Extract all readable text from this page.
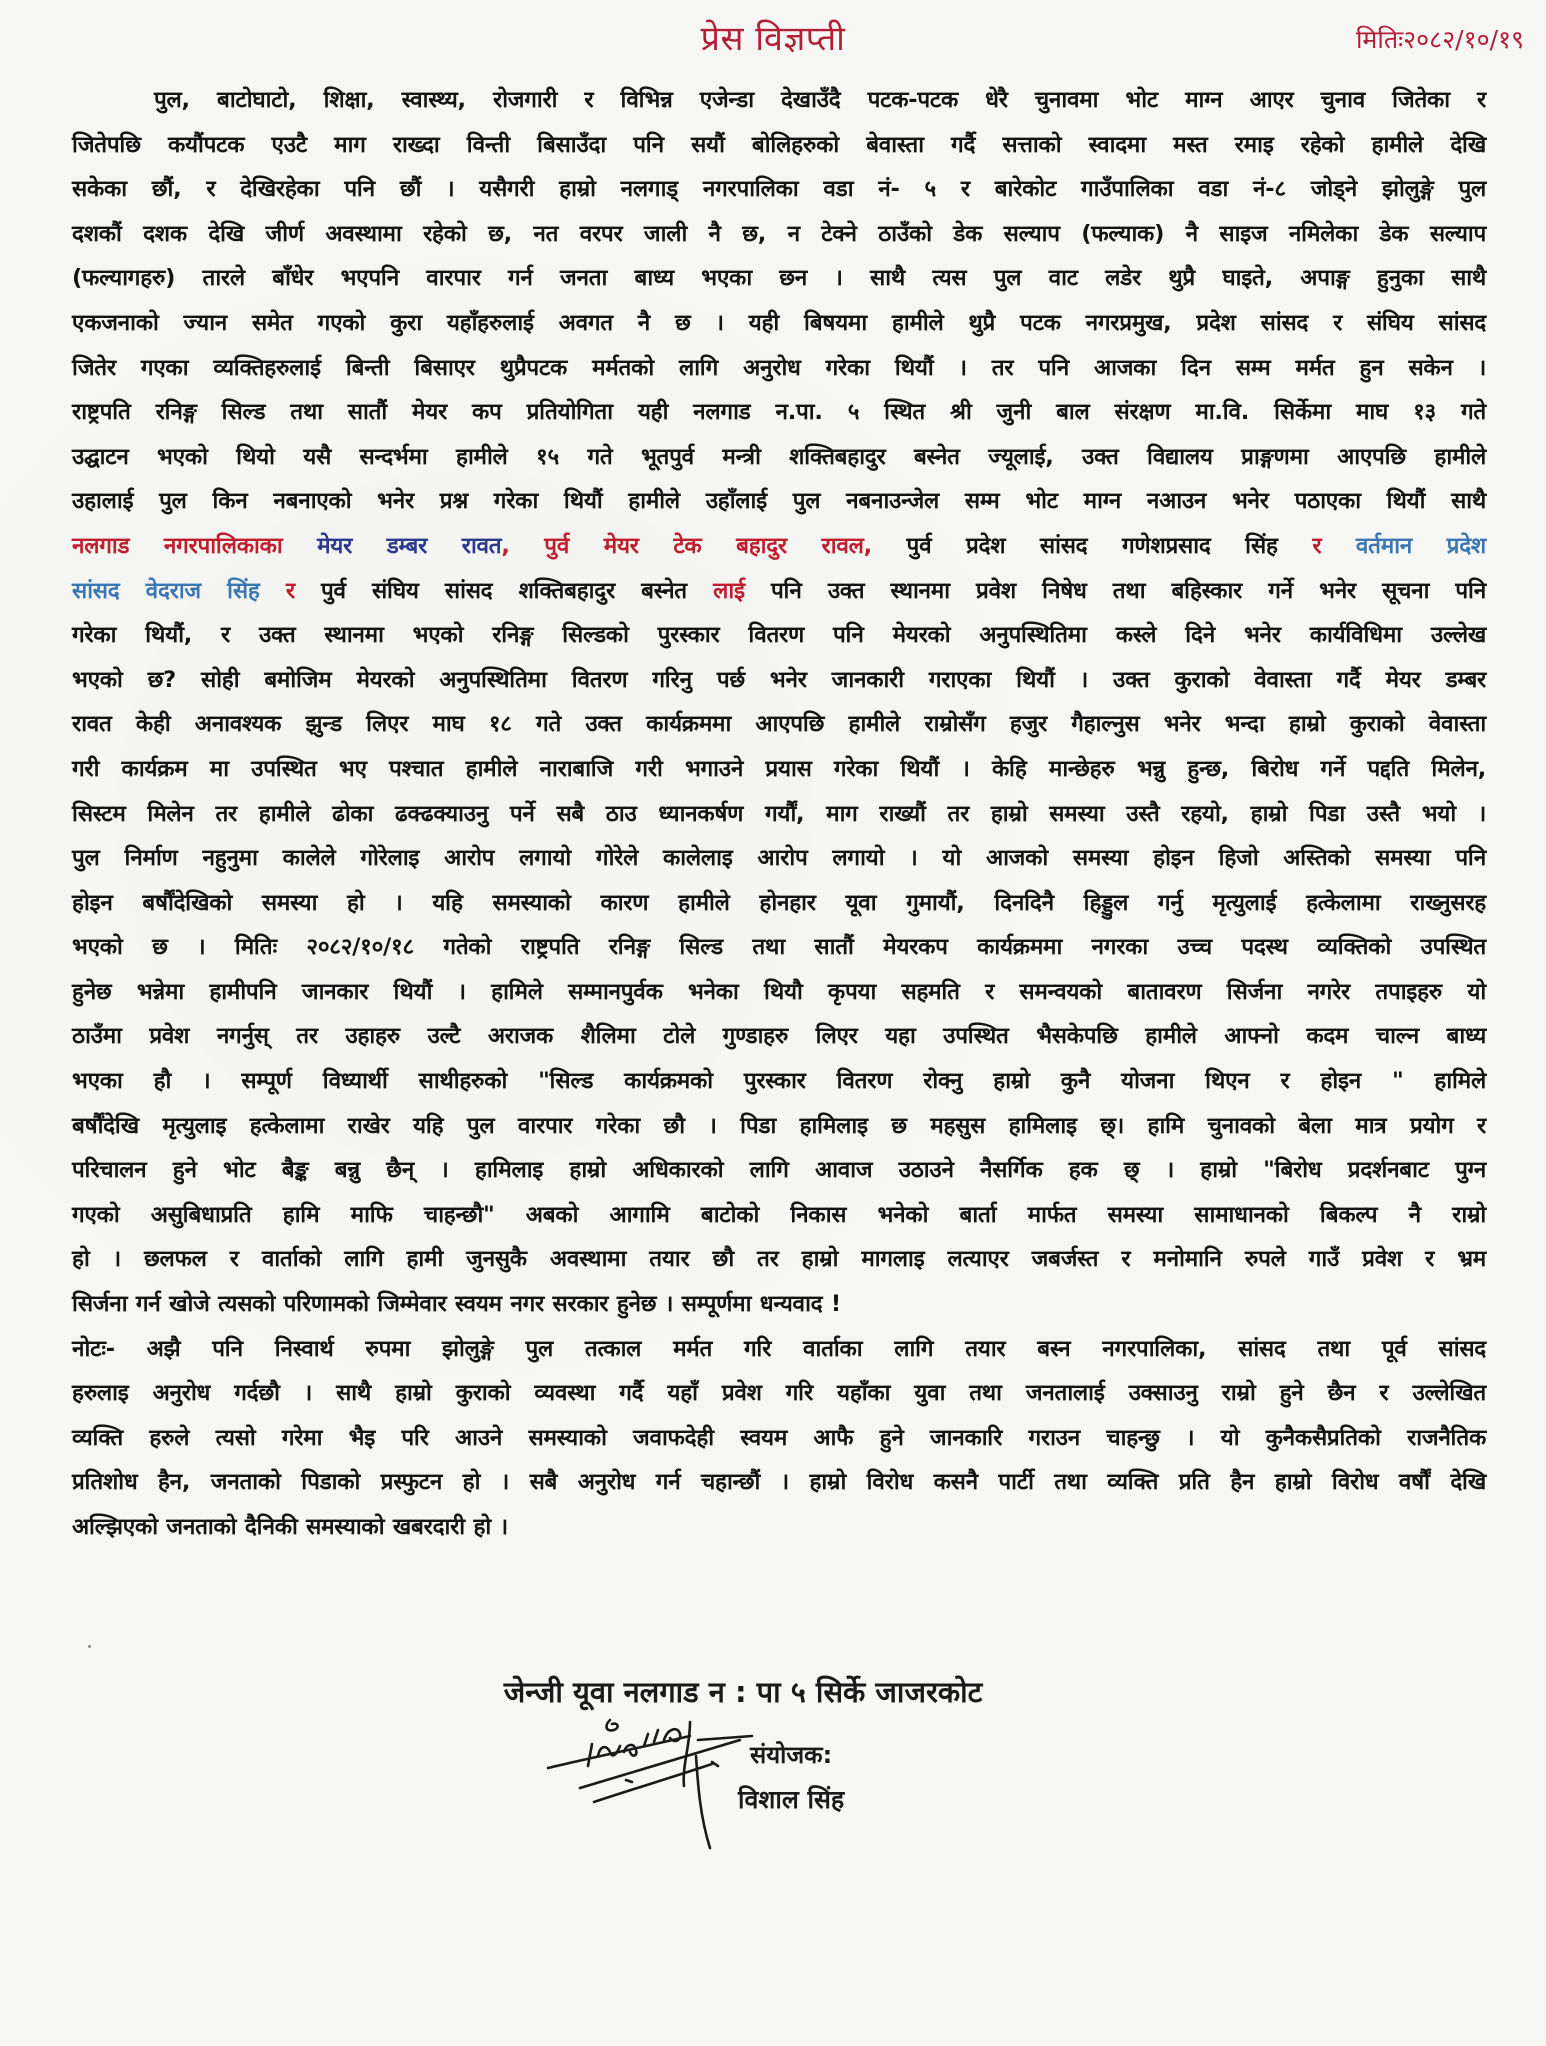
प्रेस विज्ञप्ती	मितिः२०८२/१०/१९
पुल, बाटोघाटो, शिक्षा, स्वास्थ्य, रोजगारी र विभिन्न एजेन्डा देखाउँदै पटक-पटक धेरै चुनावमा भोट माग्न आएर चुनाव जितेका र
जितेपछि कयौंपटक एउटै माग राख्दा विन्ती बिसाउँदा पनि सयौं बोलिहरुको बेवास्ता गर्दै सत्ताको स्वादमा मस्त रमाइ रहेको हामीले देखि
सकेका छौं, र देखिरहेका पनि छौं । यसैगरी हाम्रो नलगाड् नगरपालिका वडा नं- ५ र बारेकोट गाउँपालिका वडा नं-८ जोड्ने झोलुङ्गे पुल
दशकौं दशक देखि जीर्ण अवस्थामा रहेको छ, नत वरपर जाली नै छ, न टेक्ने ठाउँको डेक सल्याप (फल्याक) नै साइज नमिलेका डेक सल्याप
(फल्यागहरु) तारले बाँधेर भएपनि वारपार गर्न जनता बाध्य भएका छन । साथै त्यस पुल वाट लडेर थुप्रै घाइते, अपाङ्ग हुनुका साथै
एकजनाको ज्यान समेत गएको कुरा यहाँहरुलाई अवगत नै छ । यही बिषयमा हामीले थुप्रै पटक नगरप्रमुख, प्रदेश सांसद र संघिय सांसद
जितेर गएका व्यक्तिहरुलाई बिन्ती बिसाएर थुप्रैपटक मर्मतको लागि अनुरोध गरेका थियौं । तर पनि आजका दिन सम्म मर्मत हुन सकेन ।
राष्ट्रपति रनिङ्ग सिल्ड तथा सातौं मेयर कप प्रतियोगिता यही नलगाड न.पा. ५ स्थित श्री जुनी बाल संरक्षण मा.वि. सिर्केमा माघ १३ गते
उद्घाटन भएको थियो यसै सन्दर्भमा हामीले १५ गते भूतपुर्व मन्त्री शक्तिबहादुर बस्नेत ज्यूलाई, उक्त विद्यालय प्राङ्गणमा आएपछि हामीले
उहालाई पुल किन नबनाएको भनेर प्रश्न गरेका थियौं हामीले उहाँलाई पुल नबनाउन्जेल सम्म भोट माग्न नआउन भनेर पठाएका थियौं साथै
नलगाड नगरपालिकाका मेयर डम्बर रावत, पुर्व मेयर टेक बहादुर रावल, पुर्व प्रदेश सांसद गणेशप्रसाद सिंह र वर्तमान प्रदेश
सांसद वेदराज सिंह र पुर्व संघिय सांसद शक्तिबहादुर बस्नेत लाई पनि उक्त स्थानमा प्रवेश निषेध तथा बहिस्कार गर्ने भनेर सूचना पनि
गरेका थियौं, र उक्त स्थानमा भएको रनिङ्ग सिल्डको पुरस्कार वितरण पनि मेयरको अनुपस्थितिमा कस्ले दिने भनेर कार्यविधिमा उल्लेख
भएको छ? सोही बमोजिम मेयरको अनुपस्थितिमा वितरण गरिनु पर्छ भनेर जानकारी गराएका थियौं । उक्त कुराको वेवास्ता गर्दै मेयर डम्बर
रावत केही अनावश्यक झुन्ड लिएर माघ १८ गते उक्त कार्यक्रममा आएपछि हामीले राम्रोसँग हजुर गैहाल्नुस भनेर भन्दा हाम्रो कुराको वेवास्ता
गरी कार्यक्रम मा उपस्थित भए पश्चात हामीले नाराबाजि गरी भगाउने प्रयास गरेका थियौं । केहि मान्छेहरु भन्नु हुन्छ, बिरोध गर्ने पद्दति मिलेन,
सिस्टम मिलेन तर हामीले ढोका ढक्ढक्याउनु पर्ने सबै ठाउ ध्यानकर्षण गर्यौं, माग राख्यौं तर हाम्रो समस्या उस्तै रहयो, हाम्रो पिडा उस्तै भयो ।
पुल निर्माण नहुनुमा कालेले गोरेलाइ आरोप लगायो गोरेले कालेलाइ आरोप लगायो । यो आजको समस्या होइन हिजो अस्तिको समस्या पनि
होइन बर्षौंदेखिको समस्या हो । यहि समस्याको कारण हामीले होनहार यूवा गुमायौं, दिनदिनै हिड्डुल गर्नु मृत्युलाई हत्केलामा राख्नुसरह
भएको छ । मितिः २०८२/१०/१८ गतेको राष्ट्रपति रनिङ्ग सिल्ड तथा सातौं मेयरकप कार्यक्रममा नगरका उच्च पदस्थ व्यक्तिको उपस्थित
हुनेछ भन्नेमा हामीपनि जानकार थियौं । हामिले सम्मानपुर्वक भनेका थियौ कृपया सहमति र समन्वयको बातावरण सिर्जना नगरेर तपाइहरु यो
ठाउँमा प्रवेश नगर्नुस् तर उहाहरु उल्टै अराजक शैलिमा टोले गुण्डाहरु लिएर यहा उपस्थित भैसकेपछि हामीले आफ्नो कदम चाल्न बाध्य
भएका हौ । सम्पूर्ण विध्यार्थी साथीहरुको "सिल्ड कार्यक्रमको पुरस्कार वितरण रोक्नु हाम्रो कुनै योजना थिएन र होइन " हामिले
बर्षौंदेखि मृत्युलाइ हत्केलामा राखेर यहि पुल वारपार गरेका छौ । पिडा हामिलाइ छ महसुस हामिलाइ छ्। हामि चुनावको बेला मात्र प्रयोग र
परिचालन हुने भोट बैङ्क बन्नु छैन् । हामिलाइ हाम्रो अधिकारको लागि आवाज उठाउने नैसर्गिक हक छ् । हाम्रो "बिरोध प्रदर्शनबाट पुग्न
गएको असुबिधाप्रति हामि माफि चाहन्छौ" अबको आगामि बाटोको निकास भनेको बार्ता मार्फत समस्या सामाधानको बिकल्प नै राम्रो
हो । छलफल र वार्ताको लागि हामी जुनसुकै अवस्थामा तयार छौ तर हाम्रो मागलाइ लत्याएर जबर्जस्त र मनोमानि रुपले गाउँ प्रवेश र भ्रम
सिर्जना गर्न खोजे त्यसको परिणामको जिम्मेवार स्वयम नगर सरकार हुनेछ । सम्पूर्णमा धन्यवाद !
नोटः- अझै पनि निस्वार्थ रुपमा झोलुङ्गे पुल तत्काल मर्मत गरि वार्ताका लागि तयार बस्न नगरपालिका, सांसद तथा पूर्व सांसद
हरुलाइ अनुरोध गर्दछौ । साथै हाम्रो कुराको व्यवस्था गर्दै यहाँ प्रवेश गरि यहाँका युवा तथा जनतालाई उक्साउनु राम्रो हुने छैन र उल्लेखित
व्यक्ति हरुले त्यसो गरेमा भैइ परि आउने समस्याको जवाफदेही स्वयम आफै हुने जानकारि गराउन चाहन्छु । यो कुनैकसैप्रतिको राजनैतिक
प्रतिशोध हैन, जनताको पिडाको प्रस्फुटन हो । सबै अनुरोध गर्न चहान्छौं । हाम्रो विरोध कसनै पार्टी तथा व्यक्ति प्रति हैन हाम्रो विरोध वर्षौं देखि
अल्झिएको जनताको दैनिकी समस्याको खबरदारी हो ।
जेन्जी यूवा नलगाड न : पा ५ सिर्के जाजरकोट
संयोजक:
विशाल सिंह
